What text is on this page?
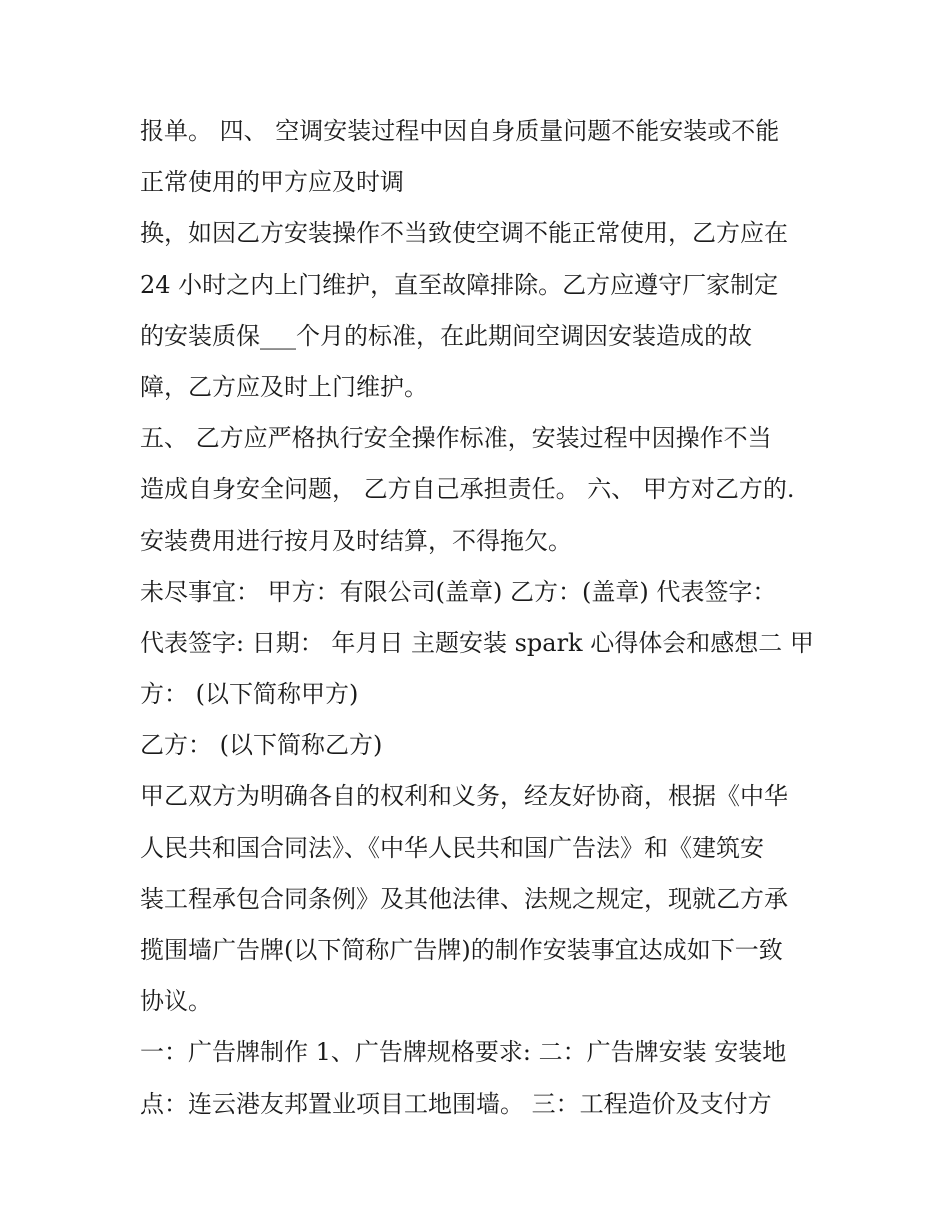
报单。 四、 空调安装过程中因自身质量问题不能安装或不能
正常使用的甲方应及时调
换，如因乙方安装操作不当致使空调不能正常使用，乙方应在
24 小时之内上门维护，直至故障排除。乙方应遵守厂家制定
的安装质保___个月的标准，在此期间空调因安装造成的故
障，乙方应及时上门维护。
五、 乙方应严格执行安全操作标准，安装过程中因操作不当
造成自身安全问题， 乙方自己承担责任。 六、 甲方对乙方的.
安装费用进行按月及时结算，不得拖欠。
未尽事宜： 甲方：有限公司(盖章) 乙方：(盖章) 代表签字：
代表签字: 日期： 年月日 主题安装 spark 心得体会和感想二 甲
方： (以下简称甲方)
乙方： (以下简称乙方)
甲乙双方为明确各自的权利和义务，经友好协商，根据《中华
人民共和国合同法》、《中华人民共和国广告法》和《建筑安
装工程承包合同条例》及其他法律、法规之规定，现就乙方承
揽围墙广告牌(以下简称广告牌)的制作安装事宜达成如下一致
协议。
一：广告牌制作 1、广告牌规格要求: 二：广告牌安装 安装地
点：连云港友邦置业项目工地围墙。 三：工程造价及支付方
